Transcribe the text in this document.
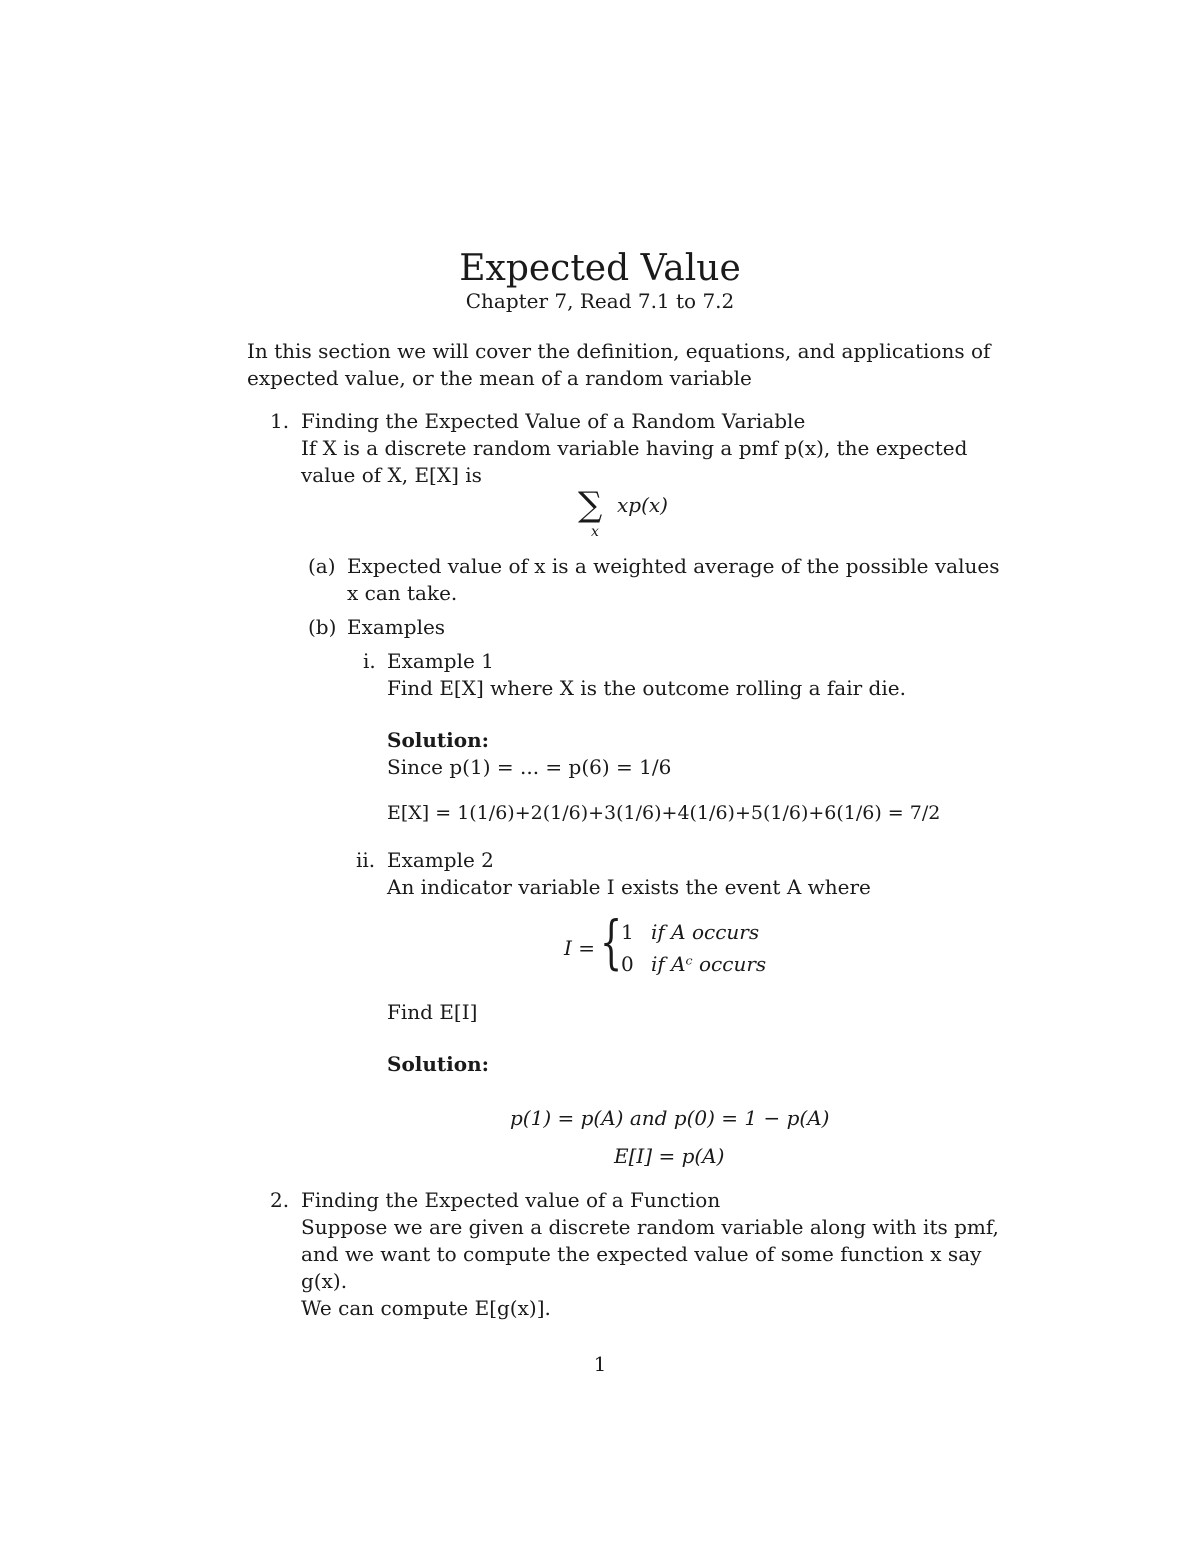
Expected Value
Chapter 7, Read 7.1 to 7.2
In this section we will cover the definition, equations, and applications of
expected value, or the mean of a random variable
1. Finding the Expected Value of a Random Variable
If X is a discrete random variable having a pmf p(x), the expected
value of X, E[X] is
∑ xp(x)
x
(a) Expected value of x is a weighted average of the possible values
x can take.
(b) Examples
i. Example 1
Find E[X] where X is the outcome rolling a fair die.
Solution:
Since p(1) = ... = p(6) = 1/6
E[X] = 1(1/6)+2(1/6)+3(1/6)+4(1/6)+5(1/6)+6(1/6) = 7/2
ii. Example 2
An indicator variable I exists the event A where
I = {
1 if A occurs
0 if Aᶜ occurs
Find E[I]
Solution:
p(1) = p(A) and p(0) = 1 − p(A)
E[I] = p(A)
2. Finding the Expected value of a Function
Suppose we are given a discrete random variable along with its pmf,
and we want to compute the expected value of some function x say
g(x).
We can compute E[g(x)].
1
